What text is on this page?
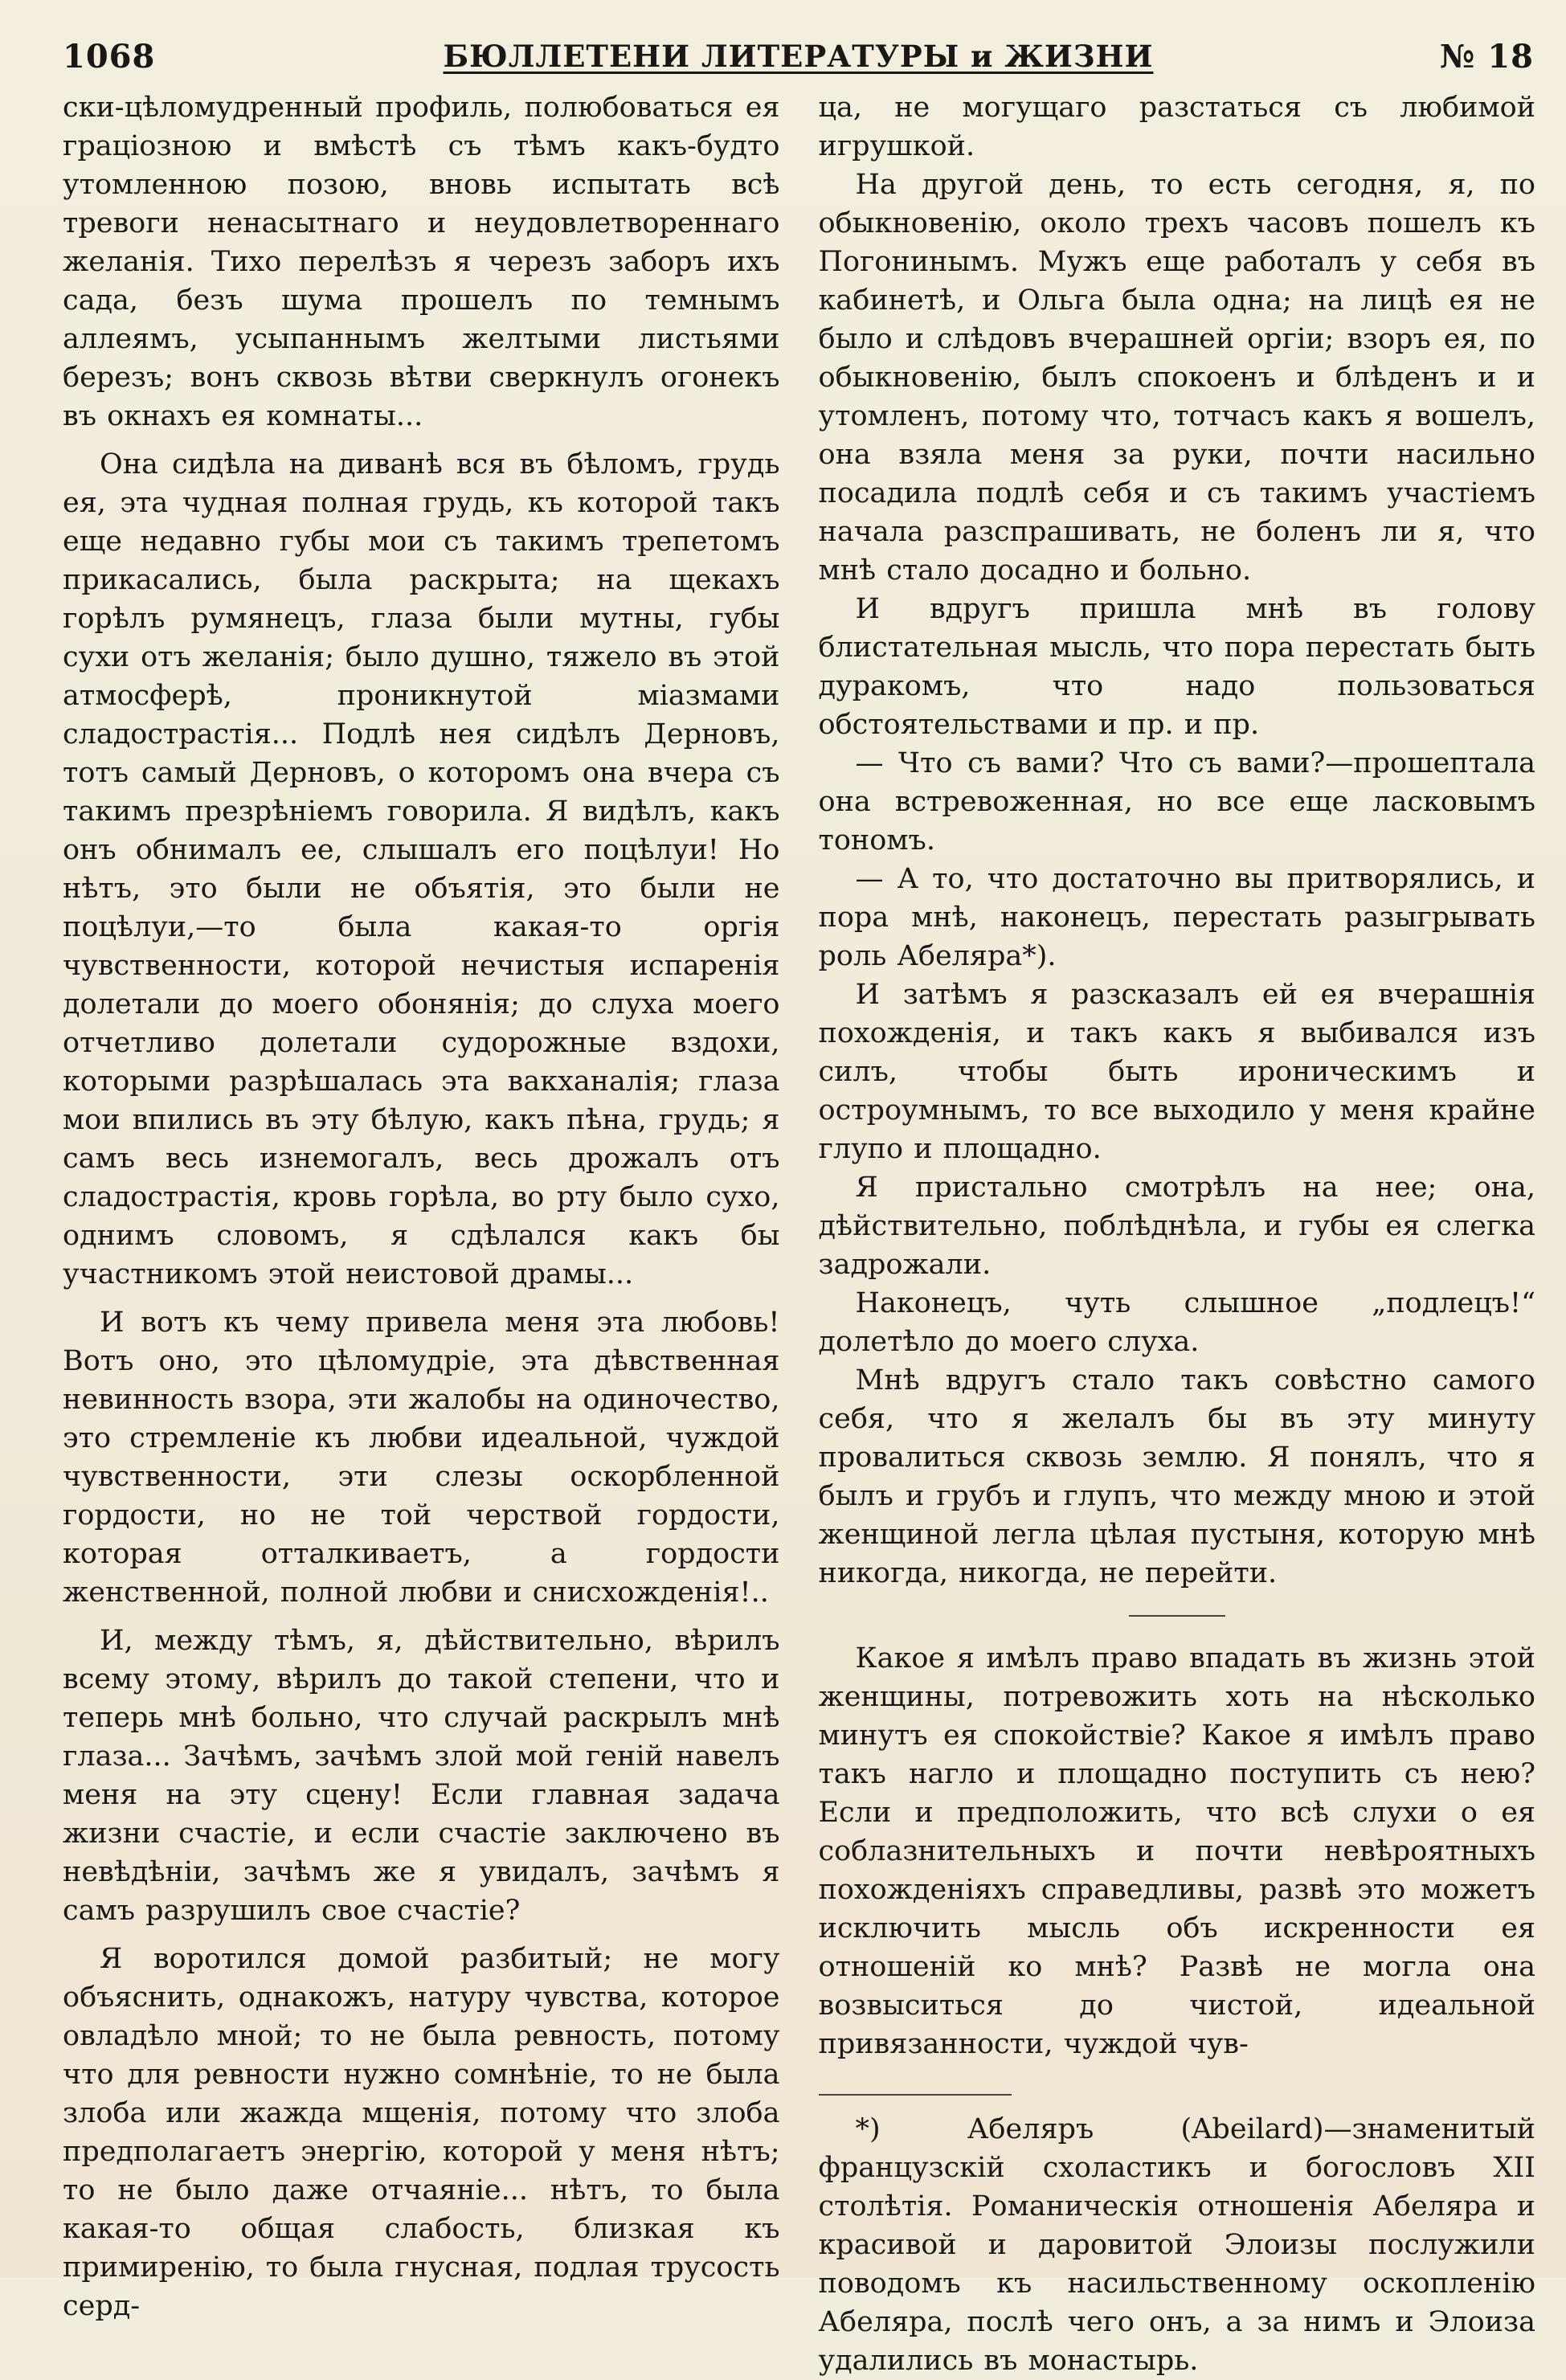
1068	БЮЛЛЕТЕНИ ЛИТЕРАТУРЫ и ЖИЗНИ	№ 18

ски-цѣломудренный профиль, полюбоваться ея граціозною и вмѣстѣ съ тѣмъ какъ-будто утомленною позою, вновь испытать всѣ тревоги ненасытнаго и неудовлетвореннаго желанія. Тихо перелѣзъ я черезъ заборъ ихъ сада, безъ шума прошелъ по темнымъ аллеямъ, усыпаннымъ желтыми листьями березъ; вонъ сквозь вѣтви сверкнулъ огонекъ въ окнахъ ея комнаты...

Она сидѣла на диванѣ вся въ бѣломъ, грудь ея, эта чудная полная грудь, къ которой такъ еще недавно губы мои съ такимъ трепетомъ прикасались, была раскрыта; на щекахъ горѣлъ румянецъ, глаза были мутны, губы сухи отъ желанія; было душно, тяжело въ этой атмосферѣ, проникнутой міазмами сладострастія... Подлѣ нея сидѣлъ Дерновъ, тотъ самый Дерновъ, о которомъ она вчера съ такимъ презрѣніемъ говорила. Я видѣлъ, какъ онъ обнималъ ее, слышалъ его поцѣлуи! Но нѣтъ, это были не объятія, это были не поцѣлуи,—то была какая-то оргія чувственности, которой нечистыя испаренія долетали до моего обонянія; до слуха моего отчетливо долетали судорожные вздохи, которыми разрѣшалась эта вакханалія; глаза мои впились въ эту бѣлую, какъ пѣна, грудь; я самъ весь изнемогалъ, весь дрожалъ отъ сладострастія, кровь горѣла, во рту было сухо, однимъ словомъ, я сдѣлался какъ бы участникомъ этой неистовой драмы...

И вотъ къ чему привела меня эта любовь! Вотъ оно, это цѣломудріе, эта дѣвственная невинность взора, эти жалобы на одиночество, это стремленіе къ любви идеальной, чуждой чувственности, эти слезы оскорбленной гордости, но не той черствой гордости, которая отталкиваетъ, а гордости женственной, полной любви и снисхожденія!..

И, между тѣмъ, я, дѣйствительно, вѣрилъ всему этому, вѣрилъ до такой степени, что и теперь мнѣ больно, что случай раскрылъ мнѣ глаза... Зачѣмъ, зачѣмъ злой мой геній навелъ меня на эту сцену! Если главная задача жизни счастіе, и если счастіе заключено въ невѣдѣніи, зачѣмъ же я увидалъ, зачѣмъ я самъ разрушилъ свое счастіе?

Я воротился домой разбитый; не могу объяснить, однакожъ, натуру чувства, которое овладѣло мной; то не была ревность, потому что для ревности нужно сомнѣніе, то не была злоба или жажда мщенія, потому что злоба предполагаетъ энергію, которой у меня нѣтъ; то не было даже отчаяніе... нѣтъ, то была какая-то общая слабость, близкая къ примиренію, то была гнусная, подлая трусость серд-

ца, не могущаго разстаться съ любимой игрушкой.

На другой день, то есть сегодня, я, по обыкновенію, около трехъ часовъ пошелъ къ Погонинымъ. Мужъ еще работалъ у себя въ кабинетѣ, и Ольга была одна; на лицѣ ея не было и слѣдовъ вчерашней оргіи; взоръ ея, по обыкновенію, былъ спокоенъ и блѣденъ и и утомленъ, потому что, тотчасъ какъ я вошелъ, она взяла меня за руки, почти насильно посадила подлѣ себя и съ такимъ участіемъ начала разспрашивать, не боленъ ли я, что мнѣ стало досадно и больно.

И вдругъ пришла мнѣ въ голову блистательная мысль, что пора перестать быть дуракомъ, что надо пользоваться обстоятельствами и пр. и пр.

— Что съ вами? Что съ вами?—прошептала она встревоженная, но все еще ласковымъ тономъ.

— А то, что достаточно вы притворялись, и пора мнѣ, наконецъ, перестать разыгрывать роль Абеляра*).

И затѣмъ я разсказалъ ей ея вчерашнія похожденія, и такъ какъ я выбивался изъ силъ, чтобы быть ироническимъ и остроумнымъ, то все выходило у меня крайне глупо и площадно.

Я пристально смотрѣлъ на нее; она, дѣйствительно, поблѣднѣла, и губы ея слегка задрожали.

Наконецъ, чуть слышное „подлецъ!“ долетѣло до моего слуха.

Мнѣ вдругъ стало такъ совѣстно самого себя, что я желалъ бы въ эту минуту провалиться сквозь землю. Я понялъ, что я былъ и грубъ и глупъ, что между мною и этой женщиной легла цѣлая пустыня, которую мнѣ никогда, никогда, не перейти.

Какое я имѣлъ право впадать въ жизнь этой женщины, потревожить хоть на нѣсколько минутъ ея спокойствіе? Какое я имѣлъ право такъ нагло и площадно поступить съ нею? Если и предположить, что всѣ слухи о ея соблазнительныхъ и почти невѣроятныхъ похожденіяхъ справедливы, развѣ это можетъ исключить мысль объ искренности ея отношеній ко мнѣ? Развѣ не могла она возвыситься до чистой, идеальной привязанности, чуждой чув-

*) Абеляръ (Abeilard)—знаменитый французскій схоластикъ и богословъ XII столѣтія. Романическія отношенія Абеляра и красивой и даровитой Элоизы послужили поводомъ къ насильственному оскопленію Абеляра, послѣ чего онъ, а за нимъ и Элоиза удалились въ монастырь.
